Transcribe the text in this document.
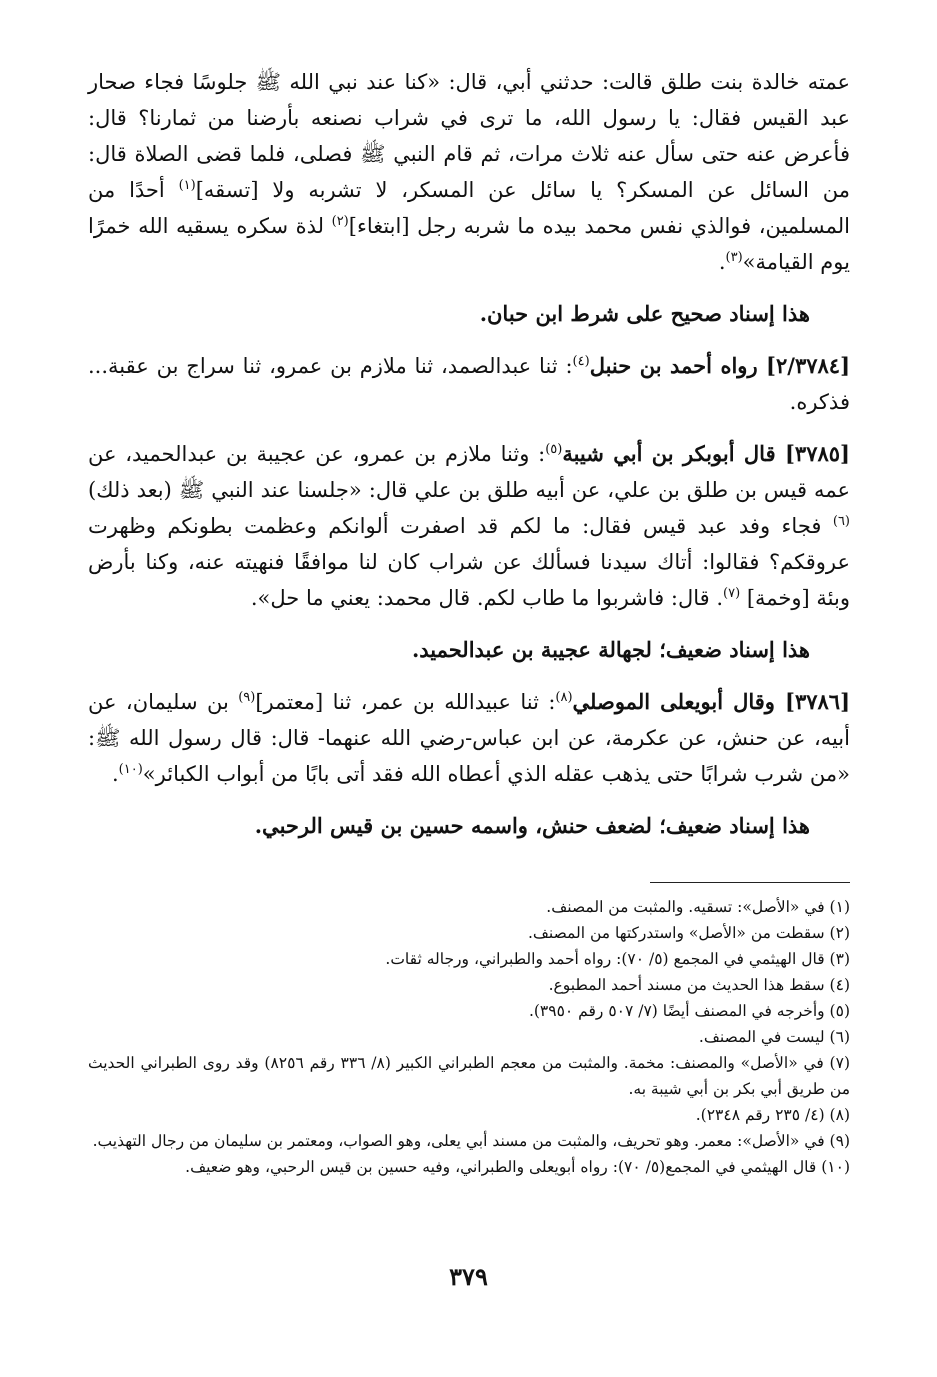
عمته خالدة بنت طلق قالت: حدثني أبي، قال: «كنا عند نبي الله ﷺ جلوسًا فجاء صحار عبد القيس فقال: يا رسول الله، ما ترى في شراب نصنعه بأرضنا من ثمارنا؟ قال: فأعرض عنه حتى سأل عنه ثلاث مرات، ثم قام النبي ﷺ فصلى، فلما قضى الصلاة قال: من السائل عن المسكر؟ يا سائل عن المسكر، لا تشربه ولا [تسقه]$^{(١)}$ أحدًا من المسلمين، فوالذي نفس محمد بيده ما شربه رجل [ابتغاء]$^{(٢)}$ لذة سكره يسقيه الله خمرًا يوم القيامة»$^{(٣)}$.

هذا إسناد صحيح على شرط ابن حبان.

[٢/٣٧٨٤] رواه أحمد بن حنبل$^{(٤)}$: ثنا عبدالصمد، ثنا ملازم بن عمرو، ثنا سراج بن عقبة... فذكره.

[٣٧٨٥] قال أبوبكر بن أبي شيبة$^{(٥)}$: وثنا ملازم بن عمرو، عن عجيبة بن عبدالحميد، عن عمه قيس بن طلق بن علي، عن أبيه طلق بن علي قال: «جلسنا عند النبي ﷺ (بعد ذلك)$^{(٦)}$ فجاء وفد عبد قيس فقال: ما لكم قد اصفرت ألوانكم وعظمت بطونكم وظهرت عروقكم؟ فقالوا: أتاك سيدنا فسألك عن شراب كان لنا موافقًا فنهيته عنه، وكنا بأرض وبئة [وخمة] $^{(٧)}$. قال: فاشربوا ما طاب لكم. قال محمد: يعني ما حل».

هذا إسناد ضعيف؛ لجهالة عجيبة بن عبدالحميد.

[٣٧٨٦] وقال أبويعلى الموصلي$^{(٨)}$: ثنا عبيدالله بن عمر، ثنا [معتمر]$^{(٩)}$ بن سليمان، عن أبيه، عن حنش، عن عكرمة، عن ابن عباس-رضي الله عنهما- قال: قال رسول الله ﷺ: «من شرب شرابًا حتى يذهب عقله الذي أعطاه الله فقد أتى بابًا من أبواب الكبائر»$^{(١٠)}$.

هذا إسناد ضعيف؛ لضعف حنش، واسمه حسين بن قيس الرحبي.

(١) في «الأصل»: تسقيه. والمثبت من المصنف.

(٢) سقطت من «الأصل» واستدركتها من المصنف.

(٣) قال الهيثمي في المجمع (٥/ ٧٠): رواه أحمد والطبراني، ورجاله ثقات.

(٤) سقط هذا الحديث من مسند أحمد المطبوع.

(٥) وأخرجه في المصنف أيضًا (٧/ ٥٠٧ رقم ٣٩٥٠).

(٦) ليست في المصنف.

(٧) في «الأصل» والمصنف: مخمة. والمثبت من معجم الطبراني الكبير (٨/ ٣٣٦ رقم ٨٢٥٦) وقد روى الطبراني الحديث من طريق أبي بكر بن أبي شيبة به.

(٨) (٤/ ٢٣٥ رقم ٢٣٤٨).

(٩) في «الأصل»: معمر. وهو تحريف، والمثبت من مسند أبي يعلى، وهو الصواب، ومعتمر بن سليمان من رجال التهذيب.

(١٠) قال الهيثمي في المجمع(٥/ ٧٠): رواه أبويعلى والطبراني، وفيه حسين بن قيس الرحبي، وهو ضعيف.

٣٧٩
